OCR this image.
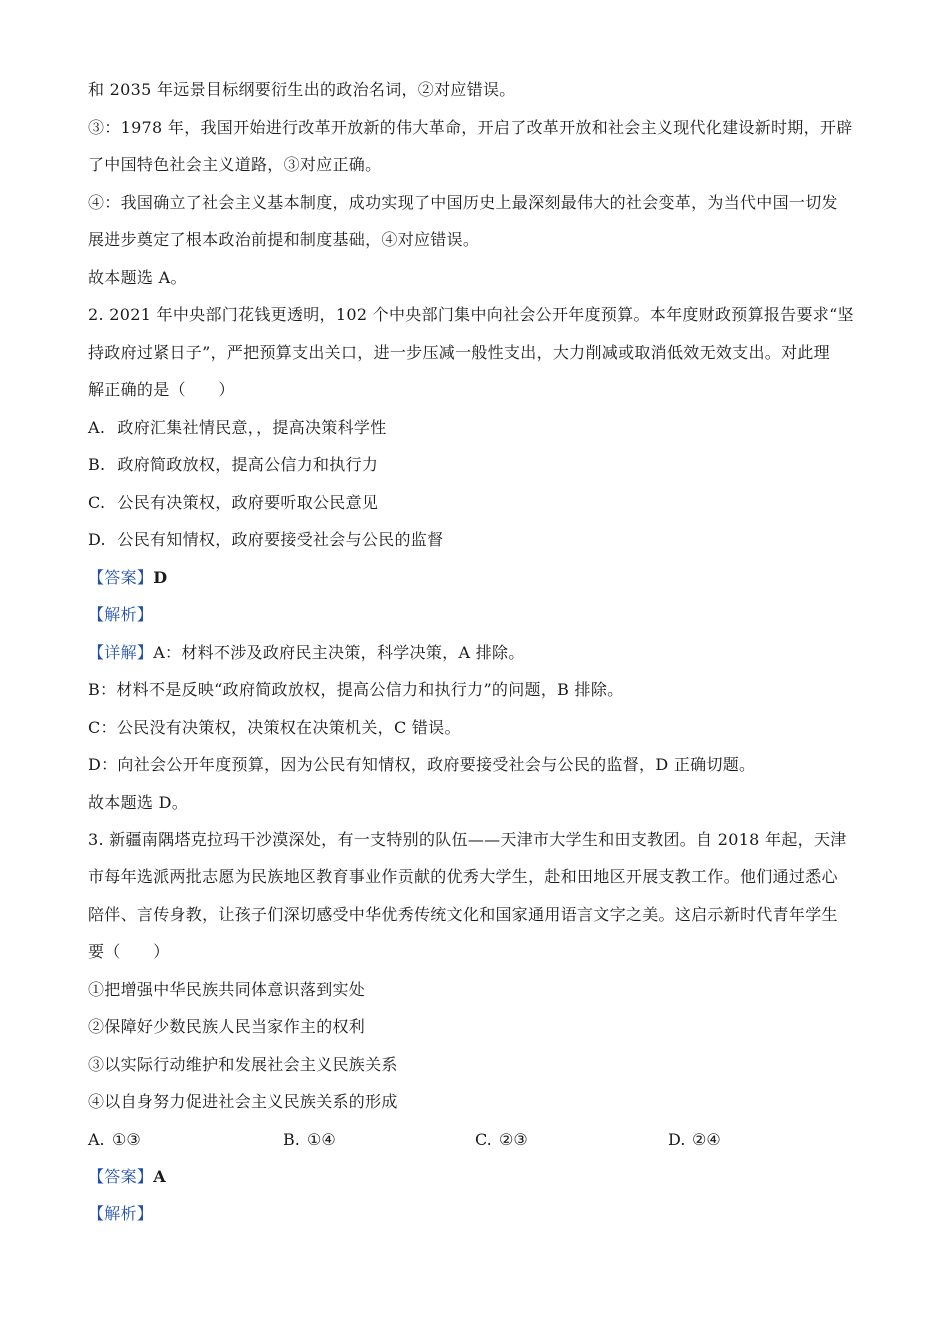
和 2035 年远景目标纲要衍生出的政治名词，②对应错误。
③：1978 年，我国开始进行改革开放新的伟大革命，开启了改革开放和社会主义现代化建设新时期，开辟
了中国特色社会主义道路，③对应正确。
④：我国确立了社会主义基本制度，成功实现了中国历史上最深刻最伟大的社会变革，为当代中国一切发
展进步奠定了根本政治前提和制度基础，④对应错误。
故本题选 A。
2. 2021 年中央部门花钱更透明，102 个中央部门集中向社会公开年度预算。本年度财政预算报告要求“坚
持政府过紧日子”，严把预算支出关口，进一步压减一般性支出，大力削减或取消低效无效支出。对此理
解正确的是（　　）
A. 政府汇集社情民意，，提高决策科学性
B. 政府简政放权，提高公信力和执行力
C. 公民有决策权，政府要听取公民意见
D. 公民有知情权，政府要接受社会与公民的监督
【答案】D
【解析】
【详解】A：材料不涉及政府民主决策，科学决策，A 排除。
B：材料不是反映“政府简政放权，提高公信力和执行力”的问题，B 排除。
C：公民没有决策权，决策权在决策机关，C 错误。
D：向社会公开年度预算，因为公民有知情权，政府要接受社会与公民的监督，D 正确切题。
故本题选 D。
3. 新疆南隅塔克拉玛干沙漠深处，有一支特别的队伍——天津市大学生和田支教团。自 2018 年起，天津
市每年选派两批志愿为民族地区教育事业作贡献的优秀大学生，赴和田地区开展支教工作。他们通过悉心
陪伴、言传身教，让孩子们深切感受中华优秀传统文化和国家通用语言文字之美。这启示新时代青年学生
要（　　）
①把增强中华民族共同体意识落到实处
②保障好少数民族人民当家作主的权利
③以实际行动维护和发展社会主义民族关系
④以自身努力促进社会主义民族关系的形成
A. ①③	B. ①④	C. ②③	D. ②④
【答案】A
【解析】
